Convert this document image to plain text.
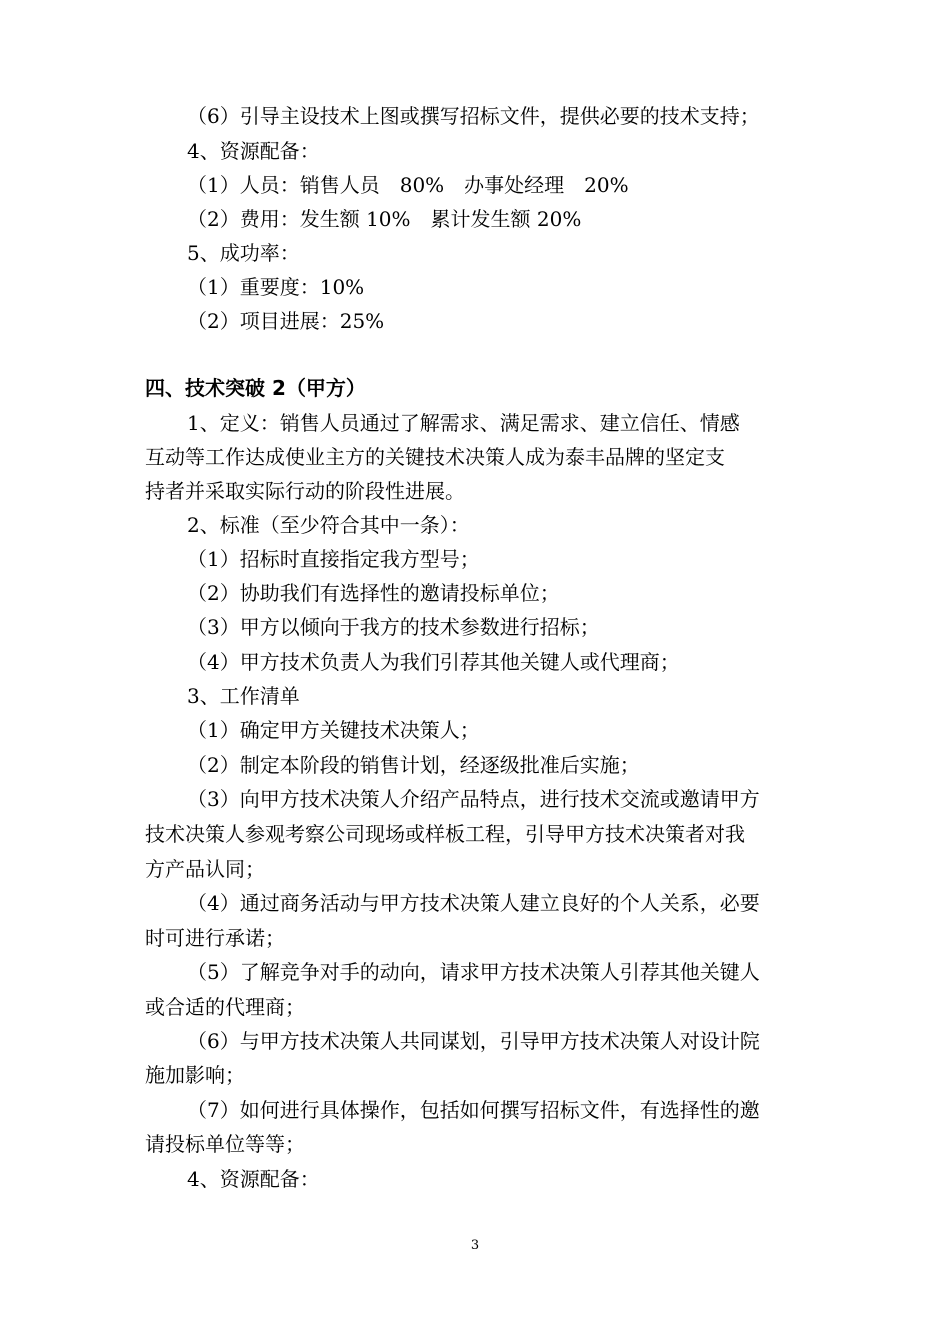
（6）引导主设技术上图或撰写招标文件，提供必要的技术支持；
4、资源配备：
（1）人员：销售人员　80%　办事处经理　20%
（2）费用：发生额 10%　累计发生额 20%
5、成功率：
（1）重要度：10%
（2）项目进展：25%
四、技术突破 2（甲方）
1、定义：销售人员通过了解需求、满足需求、建立信任、情感
互动等工作达成使业主方的关键技术决策人成为泰丰品牌的坚定支
持者并采取实际行动的阶段性进展。
2、标准（至少符合其中一条）：
（1）招标时直接指定我方型号；
（2）协助我们有选择性的邀请投标单位；
（3）甲方以倾向于我方的技术参数进行招标；
（4）甲方技术负责人为我们引荐其他关键人或代理商；
3、工作清单
（1）确定甲方关键技术决策人；
（2）制定本阶段的销售计划，经逐级批准后实施；
（3）向甲方技术决策人介绍产品特点，进行技术交流或邀请甲方
技术决策人参观考察公司现场或样板工程，引导甲方技术决策者对我
方产品认同；
（4）通过商务活动与甲方技术决策人建立良好的个人关系，必要
时可进行承诺；
（5）了解竞争对手的动向，请求甲方技术决策人引荐其他关键人
或合适的代理商；
（6）与甲方技术决策人共同谋划，引导甲方技术决策人对设计院
施加影响；
（7）如何进行具体操作，包括如何撰写招标文件，有选择性的邀
请投标单位等等；
4、资源配备：
3
